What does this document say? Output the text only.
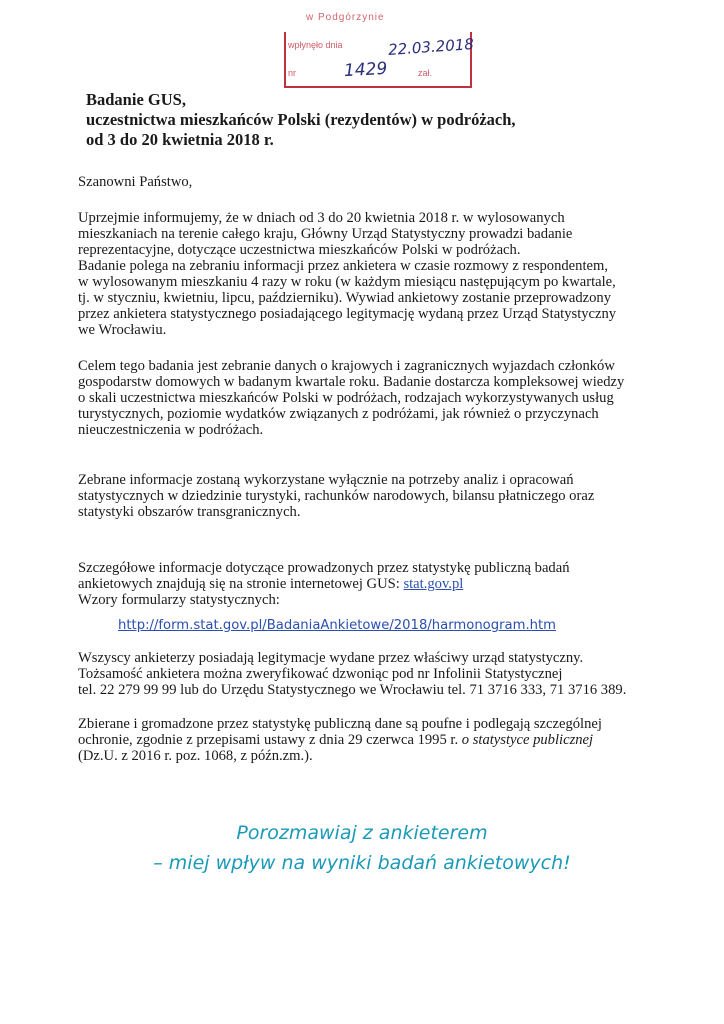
w Podgórzynie
wpłynęło dnia
nr	zał.
22.03.2018
1429
Badanie GUS,
uczestnictwa mieszkańców Polski (rezydentów) w podróżach,
od 3 do 20 kwietnia 2018 r.
Szanowni Państwo,
Uprzejmie informujemy, że w dniach od 3 do 20 kwietnia 2018 r. w wylosowanych
mieszkaniach na terenie całego kraju, Główny Urząd Statystyczny prowadzi badanie
reprezentacyjne, dotyczące uczestnictwa mieszkańców Polski w podróżach.
Badanie polega na zebraniu informacji przez ankietera w czasie rozmowy z respondentem,
w wylosowanym mieszkaniu 4 razy w roku (w każdym miesiącu następującym po kwartale,
tj. w styczniu, kwietniu, lipcu, październiku). Wywiad ankietowy zostanie przeprowadzony
przez ankietera statystycznego posiadającego legitymację wydaną przez Urząd Statystyczny
we Wrocławiu.
Celem tego badania jest zebranie danych o krajowych i zagranicznych wyjazdach członków
gospodarstw domowych w badanym kwartale roku. Badanie dostarcza kompleksowej wiedzy
o skali uczestnictwa mieszkańców Polski w podróżach, rodzajach wykorzystywanych usług
turystycznych, poziomie wydatków związanych z podróżami, jak również o przyczynach
nieuczestniczenia w podróżach.
Zebrane informacje zostaną wykorzystane wyłącznie na potrzeby analiz i opracowań
statystycznych w dziedzinie turystyki, rachunków narodowych, bilansu płatniczego oraz
statystyki obszarów transgranicznych.
Szczegółowe informacje dotyczące prowadzonych przez statystykę publiczną badań
ankietowych znajdują się na stronie internetowej GUS: stat.gov.pl
Wzory formularzy statystycznych:
http://form.stat.gov.pl/BadaniaAnkietowe/2018/harmonogram.htm
Wszyscy ankieterzy posiadają legitymacje wydane przez właściwy urząd statystyczny.
Tożsamość ankietera można zweryfikować dzwoniąc pod nr Infolinii Statystycznej
tel. 22 279 99 99 lub do Urzędu Statystycznego we Wrocławiu tel. 71 3716 333, 71 3716 389.
Zbierane i gromadzone przez statystykę publiczną dane są poufne i podlegają szczególnej
ochronie, zgodnie z przepisami ustawy z dnia 29 czerwca 1995 r. o statystyce publicznej
(Dz.U. z 2016 r. poz. 1068, z późn.zm.).
Porozmawiaj z ankieterem
– miej wpływ na wyniki badań ankietowych!
